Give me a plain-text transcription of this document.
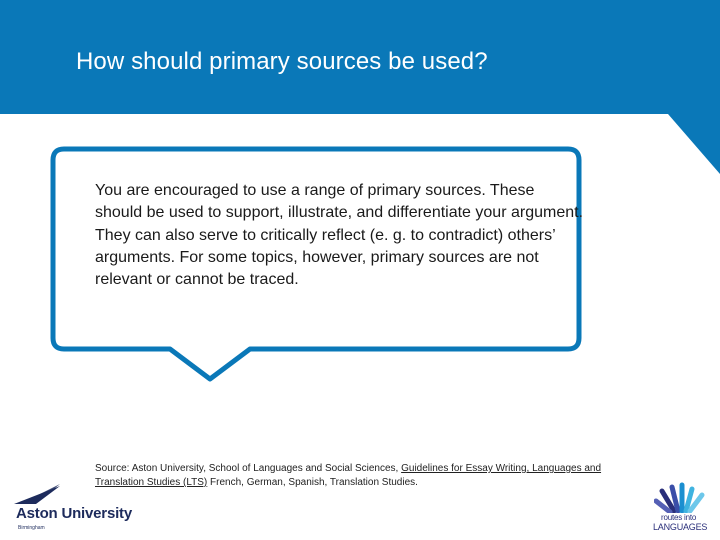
How should primary sources be used?
You are encouraged to use a range of primary sources. These should be used to support, illustrate, and differentiate your argument. They can also serve to critically reflect (e. g. to contradict) others’ arguments. For some topics, however, primary sources are not relevant or cannot be traced.
Source: Aston University, School of Languages and Social Sciences, Guidelines for Essay Writing, Languages and Translation Studies (LTS) French, German, Spanish, Translation Studies.
Aston University
Birmingham
routes into
LANGUAGES
